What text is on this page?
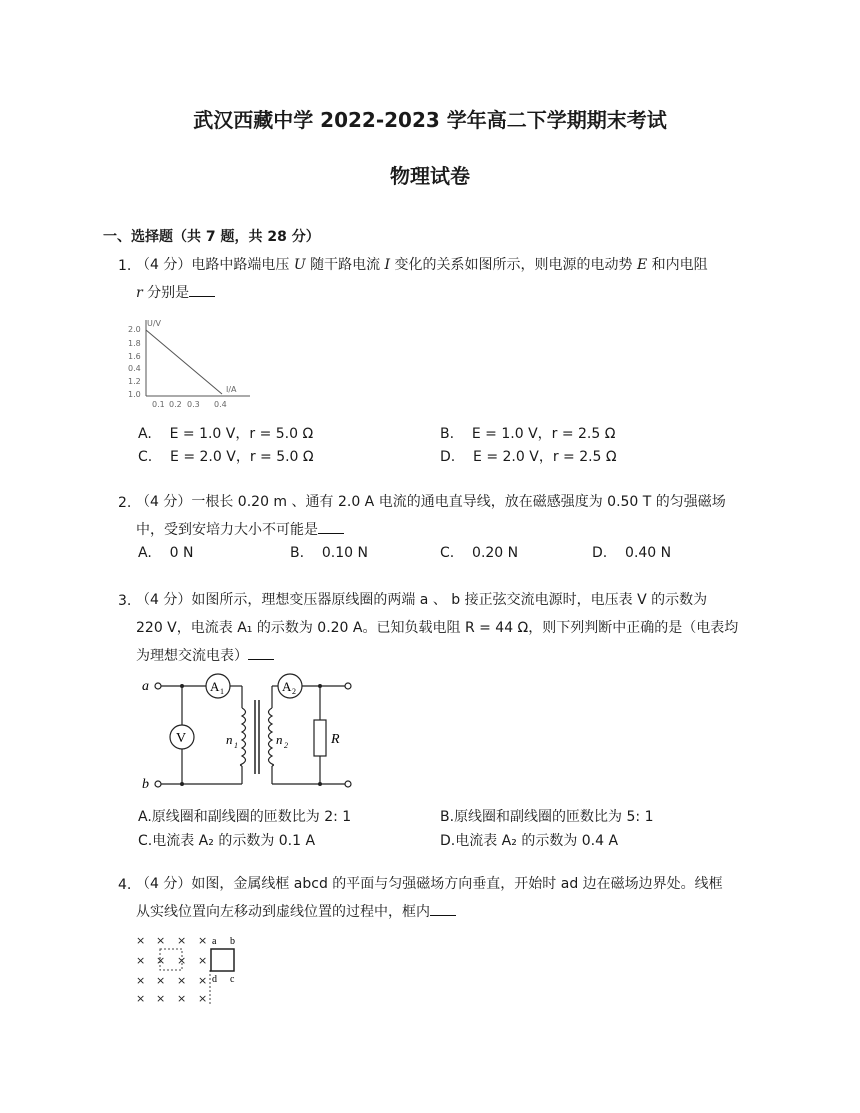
武汉西藏中学 2022-2023 学年高二下学期期末考试
物理试卷
一、选择题（共 7 题，共 28 分）
1. （4 分）电路中路端电压 U 随干路电流 I 变化的关系如图所示，则电源的电动势 E 和内电阻
r 分别是
U/V
I/A
2.0
1.8
1.6
0.4
1.2
1.0
0.1 0.2 0.3 0.4
A. E = 1.0 V，r = 5.0 Ω	B. E = 1.0 V，r = 2.5 Ω
C. E = 2.0 V，r = 5.0 Ω	D. E = 2.0 V，r = 2.5 Ω
2. （4 分）一根长 0.20 m 、通有 2.0 A 电流的通电直导线，放在磁感强度为 0.50 T 的匀强磁场
中，受到安培力大小不可能是
A. 0 N	B. 0.10 N	C. 0.20 N	D. 0.40 N
3. （4 分）如图所示，理想变压器原线圈的两端 a 、 b 接正弦交流电源时，电压表 V 的示数为
220 V，电流表 A₁ 的示数为 0.20 A。已知负载电阻 R = 44 Ω，则下列判断中正确的是（电表均
为理想交流电表）
a
b
V
A 1
n 1	n 2
A 2
R
A.原线圈和副线圈的匝数比为 2: 1	B.原线圈和副线圈的匝数比为 5: 1
C.电流表 A₂ 的示数为 0.1 A	D.电流表 A₂ 的示数为 0.4 A
4. （4 分）如图，金属线框 abcd 的平面与匀强磁场方向垂直，开始时 ad 边在磁场边界处。线框
从实线位置向左移动到虚线位置的过程中，框内
× × × ×
× × × ×
× × × ×
× × × ×
a b
c
d
